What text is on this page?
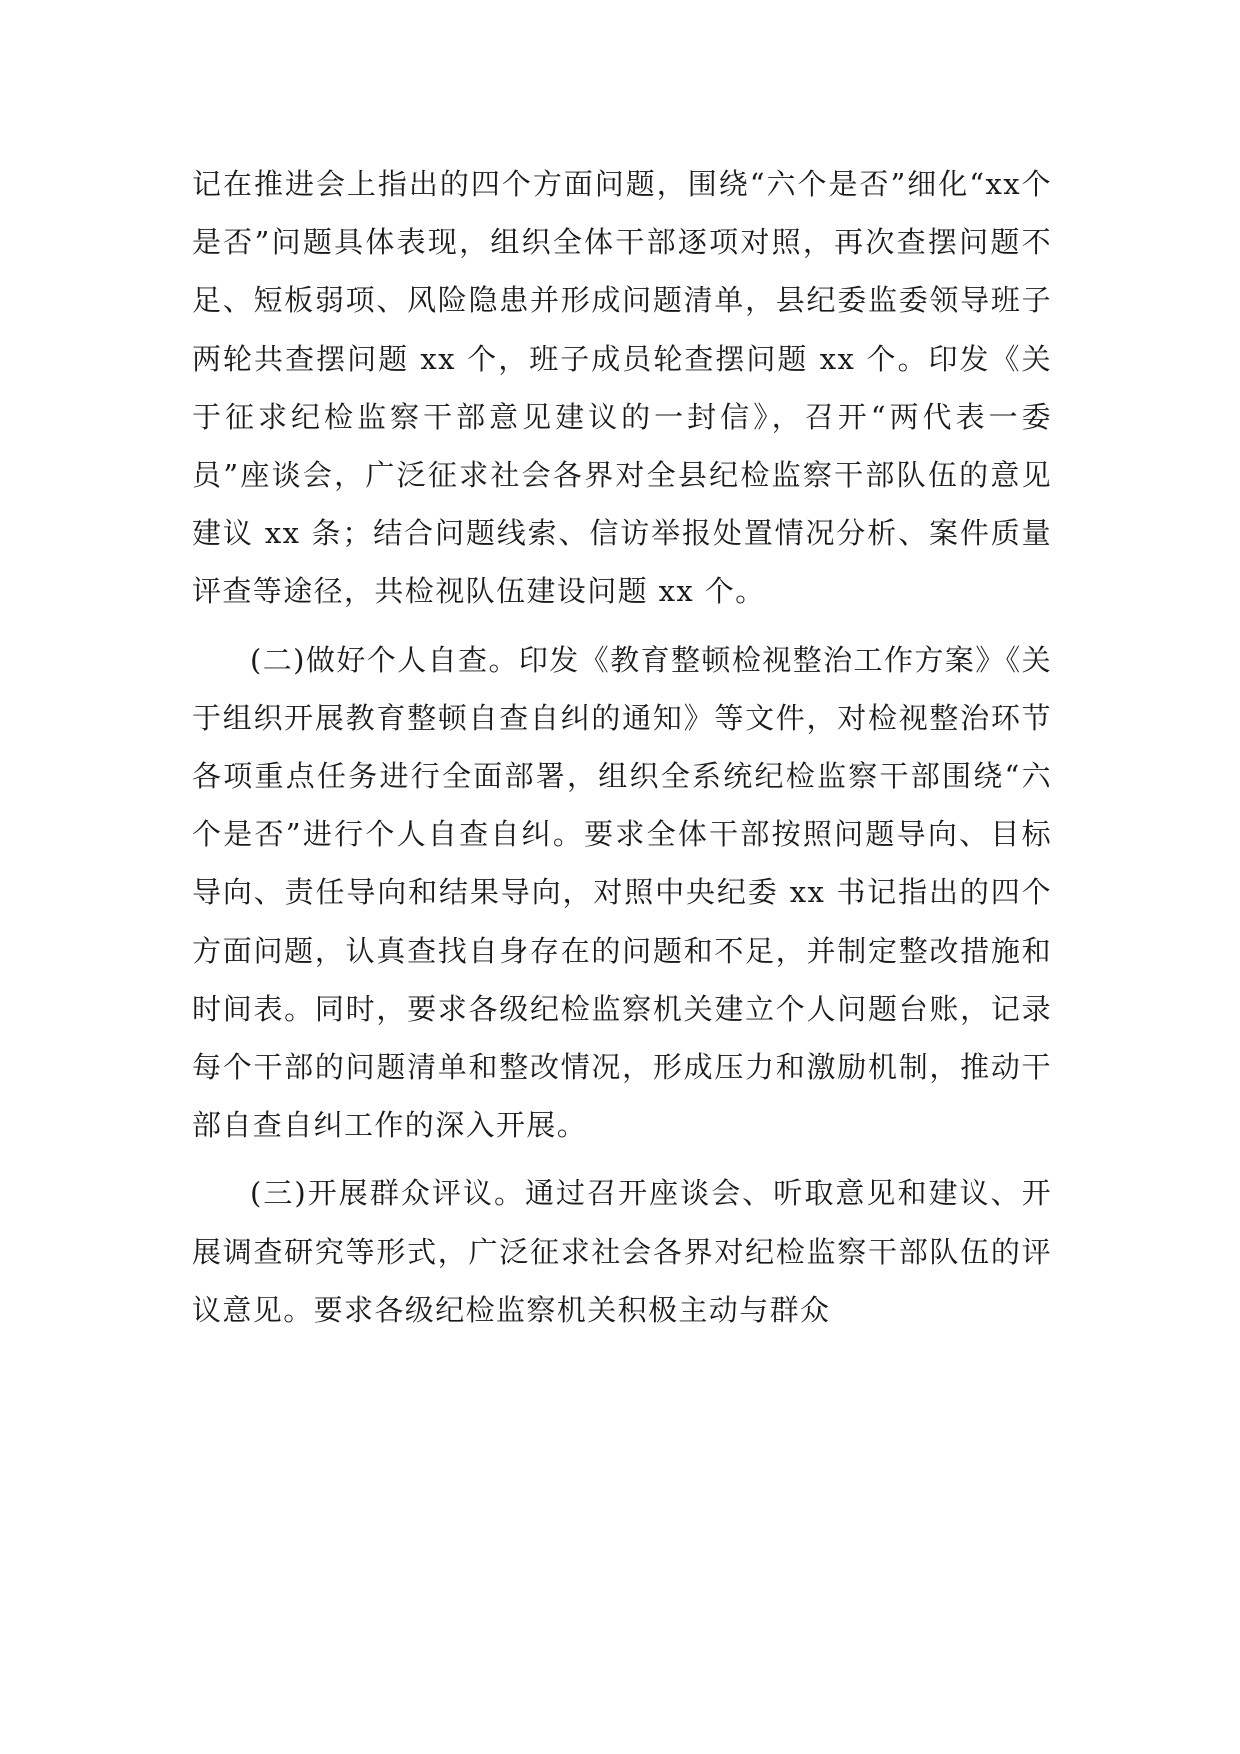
记在推进会上指出的四个方面问题，围绕“六个是否”细化“xx个是否”问题具体表现，组织全体干部逐项对照，再次查摆问题不足、短板弱项、风险隐患并形成问题清单，县纪委监委领导班子两轮共查摆问题 xx 个，班子成员轮查摆问题 xx 个。印发《关于征求纪检监察干部意见建议的一封信》，召开“两代表一委员”座谈会，广泛征求社会各界对全县纪检监察干部队伍的意见建议 xx 条；结合问题线索、信访举报处置情况分析、案件质量评查等途径，共检视队伍建设问题 xx 个。

(二)做好个人自查。印发《教育整顿检视整治工作方案》《关于组织开展教育整顿自查自纠的通知》等文件，对检视整治环节各项重点任务进行全面部署，组织全系统纪检监察干部围绕“六个是否”进行个人自查自纠。要求全体干部按照问题导向、目标导向、责任导向和结果导向，对照中央纪委 xx 书记指出的四个方面问题，认真查找自身存在的问题和不足，并制定整改措施和时间表。同时，要求各级纪检监察机关建立个人问题台账，记录每个干部的问题清单和整改情况，形成压力和激励机制，推动干部自查自纠工作的深入开展。

(三)开展群众评议。通过召开座谈会、听取意见和建议、开展调查研究等形式，广泛征求社会各界对纪检监察干部队伍的评议意见。要求各级纪检监察机关积极主动与群众
